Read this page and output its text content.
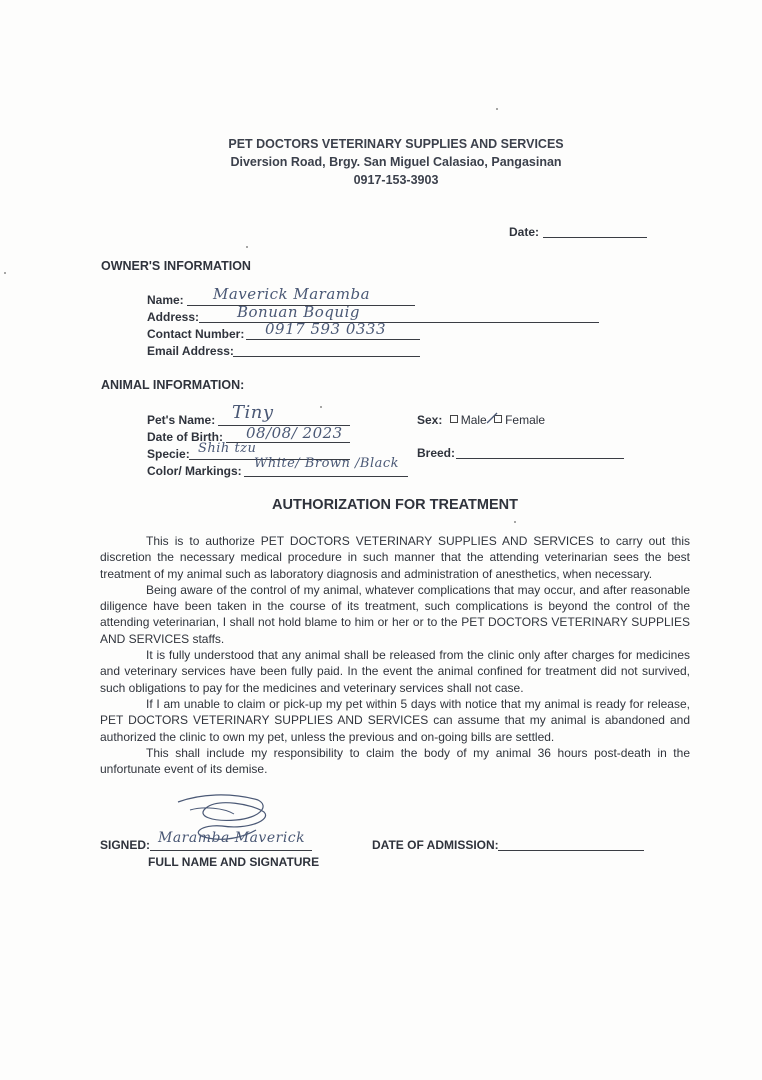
PET DOCTORS VETERINARY SUPPLIES AND SERVICES
Diversion Road, Brgy. San Miguel Calasiao, Pangasinan
0917-153-3903
Date:
OWNER'S INFORMATION
Name: Maverick Maramba
Address:	Bonuan Boquig
Contact Number: 0917 593 0333
Email Address:
ANIMAL INFORMATION:
Pet's Name: Tiny
Date of Birth: 08/08/ 2023
Specie: Shih tzu
Color/ Markings: White/ Brown /Black
Sex: Male Female
Breed:
AUTHORIZATION FOR TREATMENT

This is to authorize PET DOCTORS VETERINARY SUPPLIES AND SERVICES to carry out this discretion the necessary medical procedure in such manner that the attending veterinarian sees the best treatment of my animal such as laboratory diagnosis and administration of anesthetics, when necessary.

Being aware of the control of my animal, whatever complications that may occur, and after reasonable diligence have been taken in the course of its treatment, such complications is beyond the control of the attending veterinarian, I shall not hold blame to him or her or to the PET DOCTORS VETERINARY SUPPLIES AND SERVICES staffs.

It is fully understood that any animal shall be released from the clinic only after charges for medicines and veterinary services have been fully paid. In the event the animal confined for treatment did not survived, such obligations to pay for the medicines and veterinary services shall not case.

If I am unable to claim or pick-up my pet within 5 days with notice that my animal is ready for release, PET DOCTORS VETERINARY SUPPLIES AND SERVICES can assume that my animal is abandoned and authorized the clinic to own my pet, unless the previous and on-going bills are settled.

This shall include my responsibility to claim the body of my animal 36 hours post-death in the unfortunate event of its demise.

SIGNED: Maramba Maverick
FULL NAME AND SIGNATURE
DATE OF ADMISSION:
